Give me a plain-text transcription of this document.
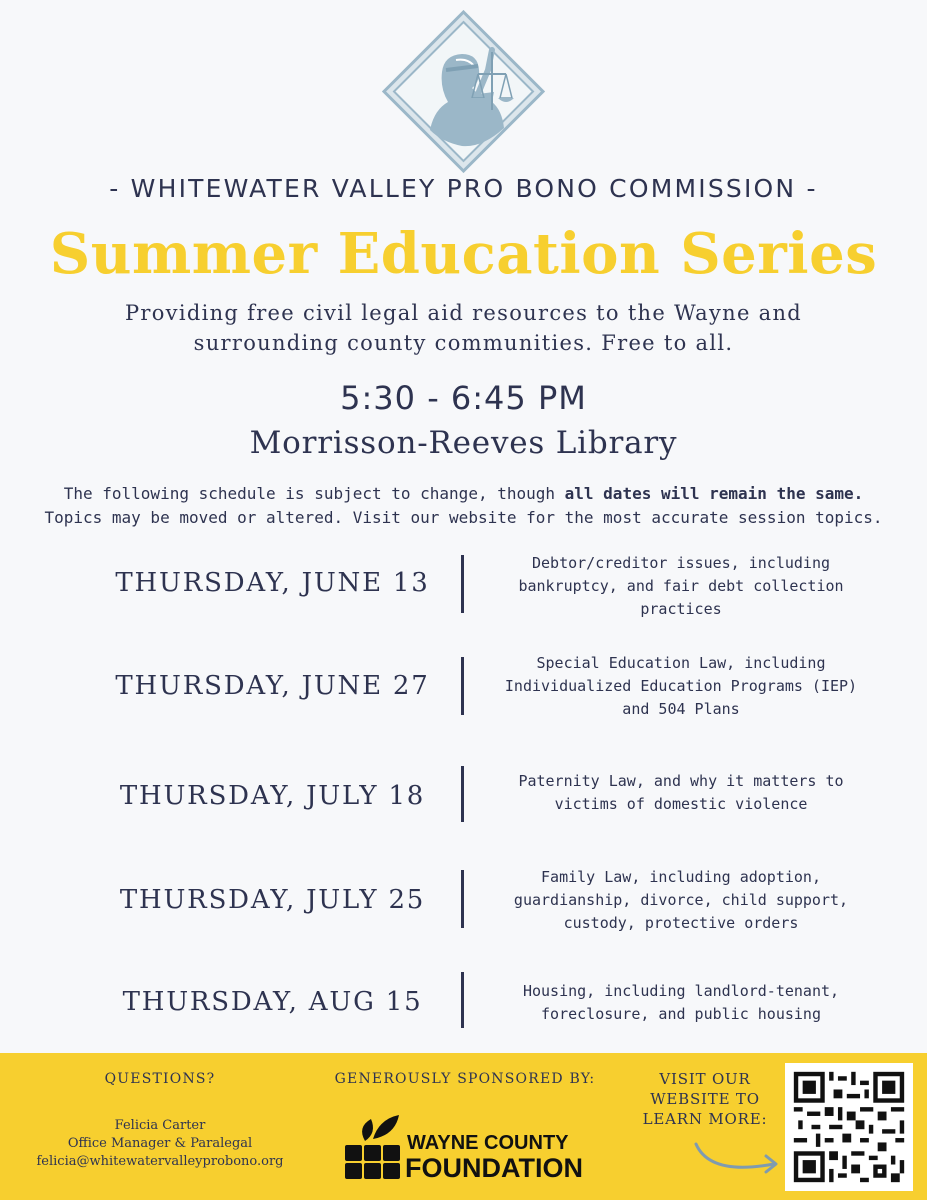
- WHITEWATER VALLEY PRO BONO COMMISSION -
Summer Education Series
Providing free civil legal aid resources to the Wayne and
surrounding county communities. Free to all.
5:30 - 6:45 PM
Morrisson-Reeves Library
The following schedule is subject to change, though all dates will remain the same.
Topics may be moved or altered. Visit our website for the most accurate session topics.
THURSDAY, JUNE 13
Debtor/creditor issues, including
bankruptcy, and fair debt collection
practices
THURSDAY, JUNE 27
Special Education Law, including
Individualized Education Programs (IEP)
and 504 Plans
THURSDAY, JULY 18	Paternity Law, and why it matters to
victims of domestic violence
THURSDAY, JULY 25
Family Law, including adoption,
guardianship, divorce, child support,
custody, protective orders
THURSDAY, AUG 15	Housing, including landlord-tenant,
foreclosure, and public housing
QUESTIONS?
Felicia Carter
Office Manager & Paralegal
felicia@whitewatervalleyprobono.org
GENEROUSLY SPONSORED BY:
WAYNE COUNTY
FOUNDATION
VISIT OUR
WEBSITE TO
LEARN MORE:
